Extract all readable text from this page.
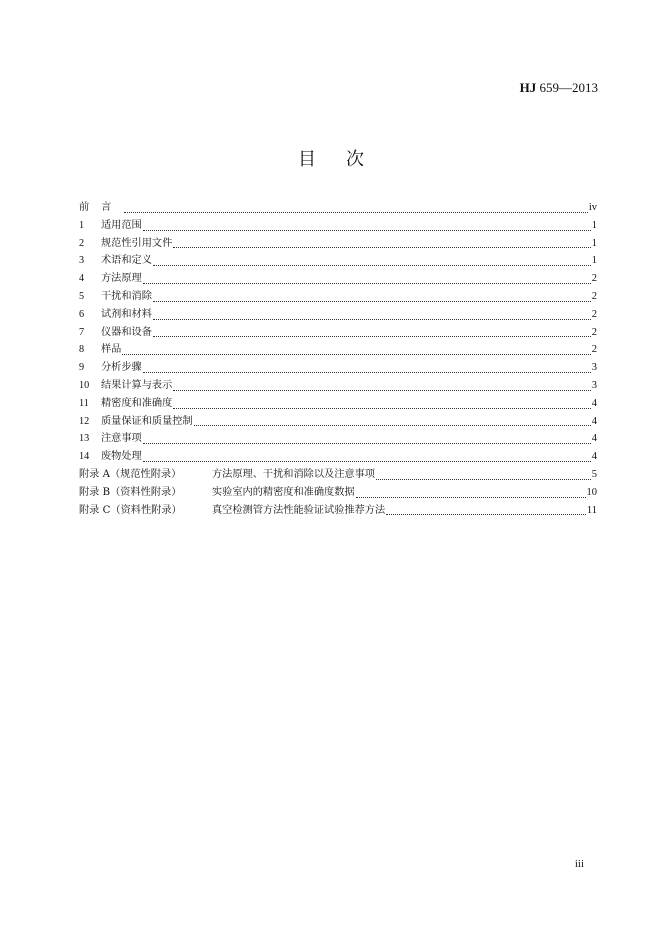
HJ 659—2013
目次
前言	iv
1	适用范围	1
2	规范性引用文件	1
3	术语和定义	1
4	方法原理	2
5	干扰和消除	2
6	试剂和材料	2
7	仪器和设备	2
8	样品	2
9	分析步骤	3
10	结果计算与表示	3
11	精密度和准确度	4
12	质量保证和质量控制	4
13	注意事项	4
14	废物处理	4
附录 A（规范性附录）	方法原理、干扰和消除以及注意事项	5
附录 B（资料性附录）	实验室内的精密度和准确度数据	10
附录 C（资料性附录）	真空检测管方法性能验证试验推荐方法	11
iii
